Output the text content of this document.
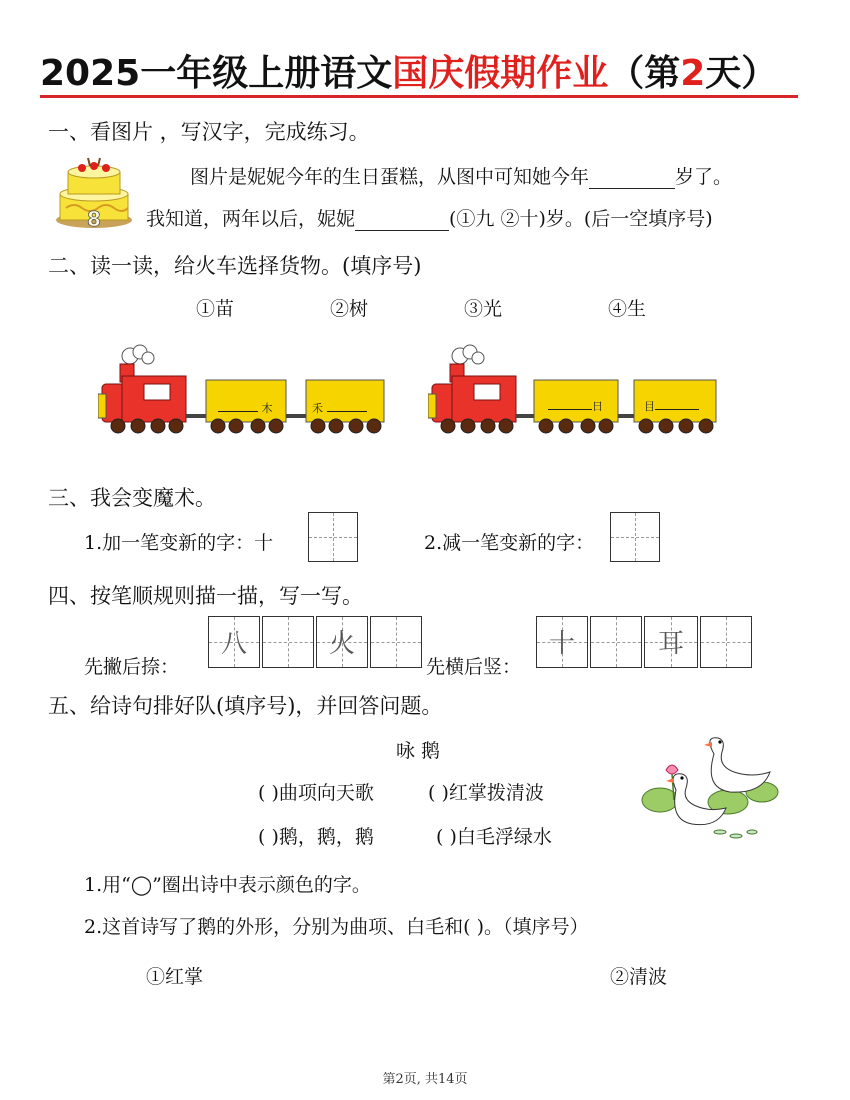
2025一年级上册语文国庆假期作业（第2天）
一、看图片 ，写汉字，完成练习。
8
图片是妮妮今年的生日蛋糕，从图中可知她今年	岁了。
我知道，两年以后，妮妮	(①九 ②十)岁。(后一空填序号)
二、读一读，给火车选择货物。(填序号)
①苗	②树	③光	④生
木	禾	日	目
三、我会变魔术。
1.加一笔变新的字：十	2.减一笔变新的字：
四、按笔顺规则描一描，写一写。
先撇后捺：
八	火
先横后竖：
十	耳
五、给诗句排好队(填序号)，并回答问题。
咏 鹅
( )曲项向天歌	( )红掌拨清波
( )鹅，鹅，鹅	( )白毛浮绿水
1.用“◯”圈出诗中表示颜色的字。
2.这首诗写了鹅的外形，分别为曲项、白毛和( )。（填序号）
①红掌	②清波
第2页, 共14页
